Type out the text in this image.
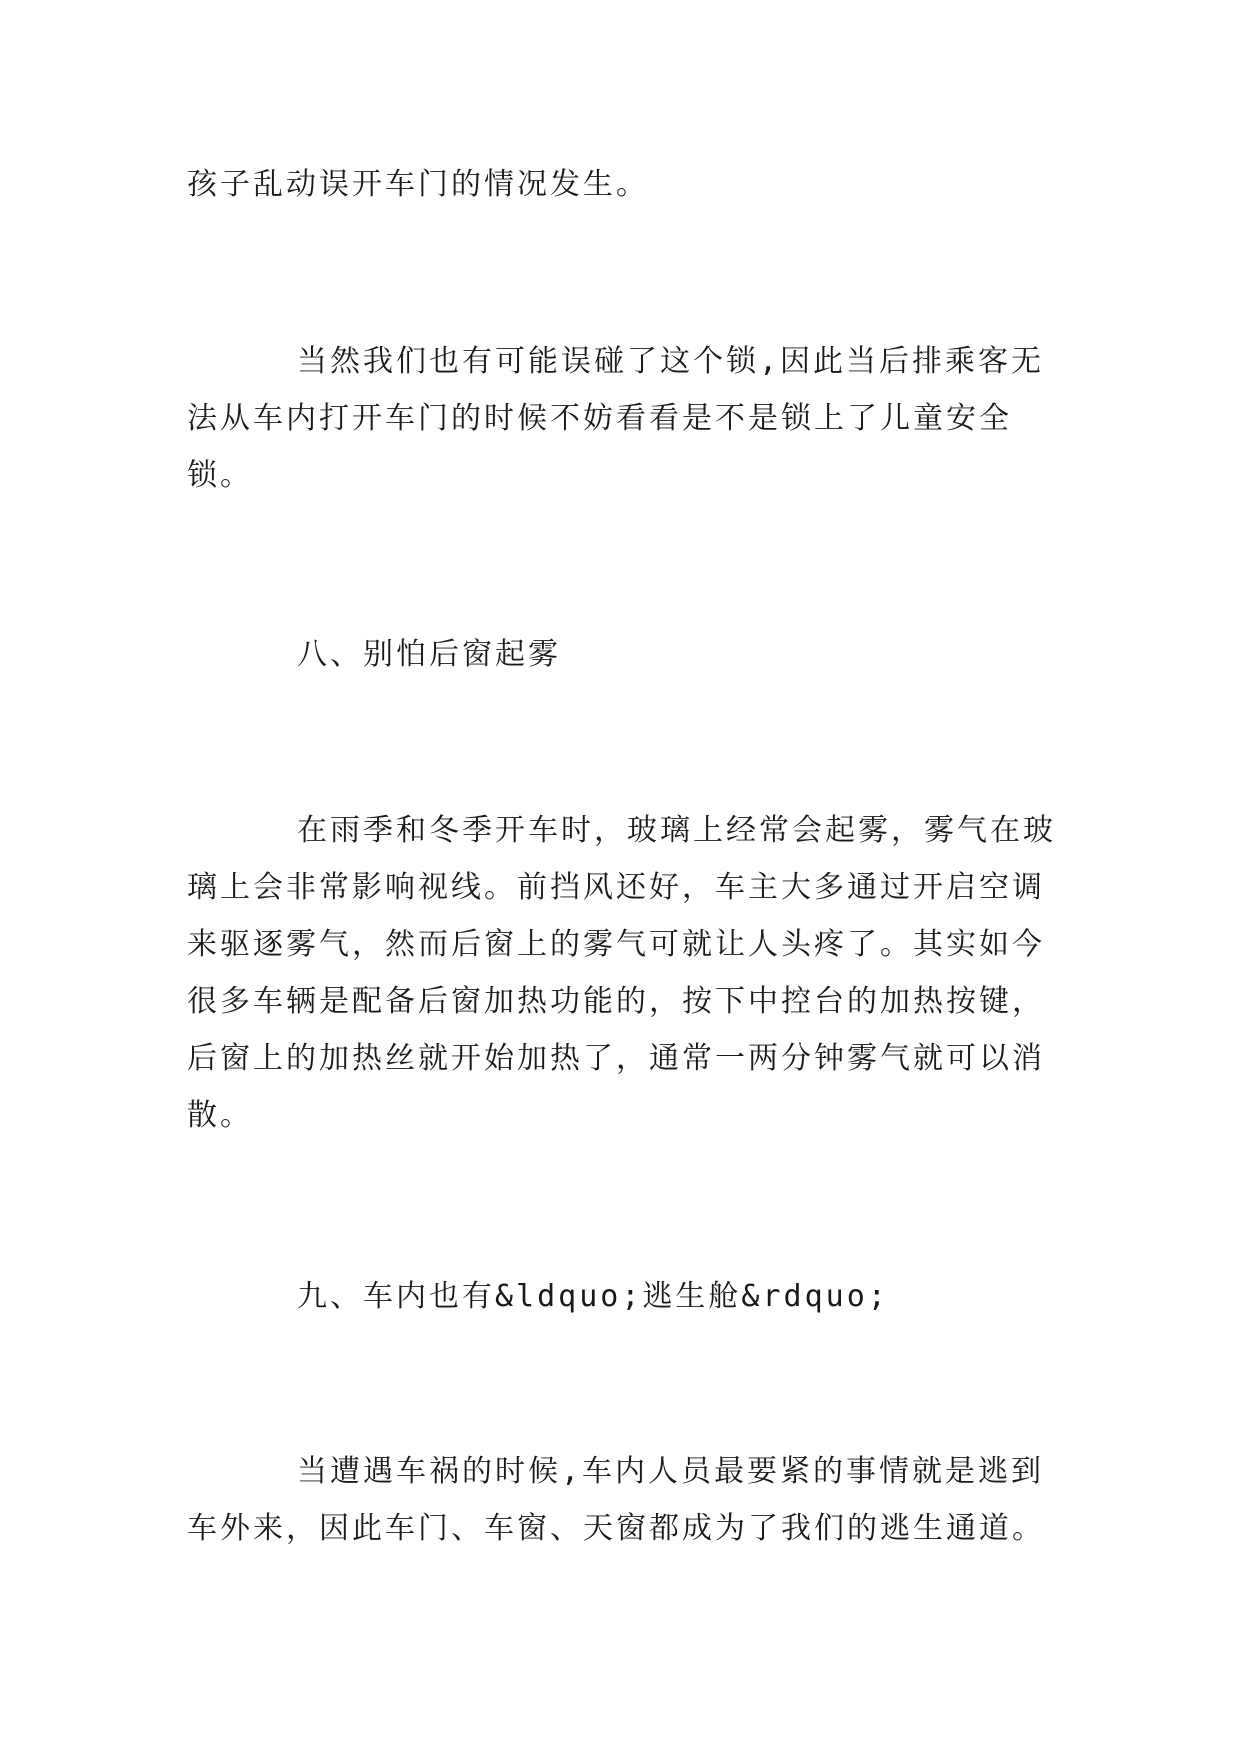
孩子乱动误开车门的情况发生。

当然我们也有可能误碰了这个锁,因此当后排乘客无法从车内打开车门的时候不妨看看是不是锁上了儿童安全锁。

八、别怕后窗起雾

在雨季和冬季开车时，玻璃上经常会起雾，雾气在玻璃上会非常影响视线。前挡风还好，车主大多通过开启空调来驱逐雾气，然而后窗上的雾气可就让人头疼了。其实如今很多车辆是配备后窗加热功能的，按下中控台的加热按键，后窗上的加热丝就开始加热了，通常一两分钟雾气就可以消散。

九、车内也有&ldquo;逃生舱&rdquo;

当遭遇车祸的时候,车内人员最要紧的事情就是逃到车外来，因此车门、车窗、天窗都成为了我们的逃生通道。
